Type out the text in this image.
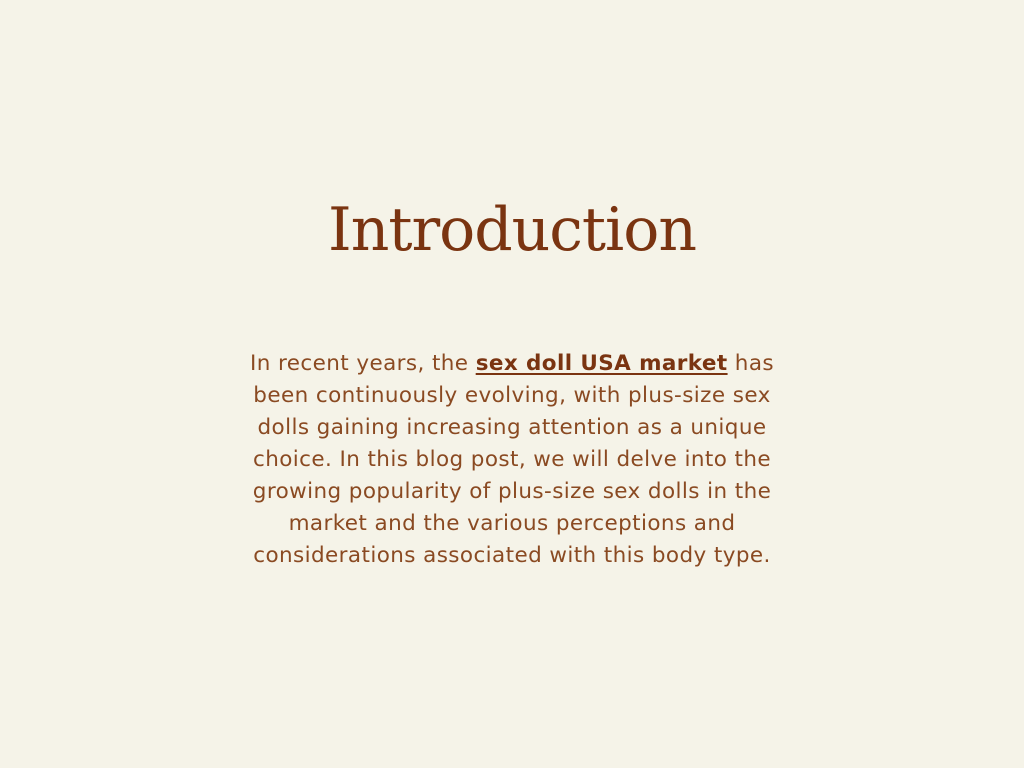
Introduction

In recent years, the sex doll USA market has been continuously evolving, with plus-size sex dolls gaining increasing attention as a unique choice. In this blog post, we will delve into the growing popularity of plus-size sex dolls in the market and the various perceptions and considerations associated with this body type.
